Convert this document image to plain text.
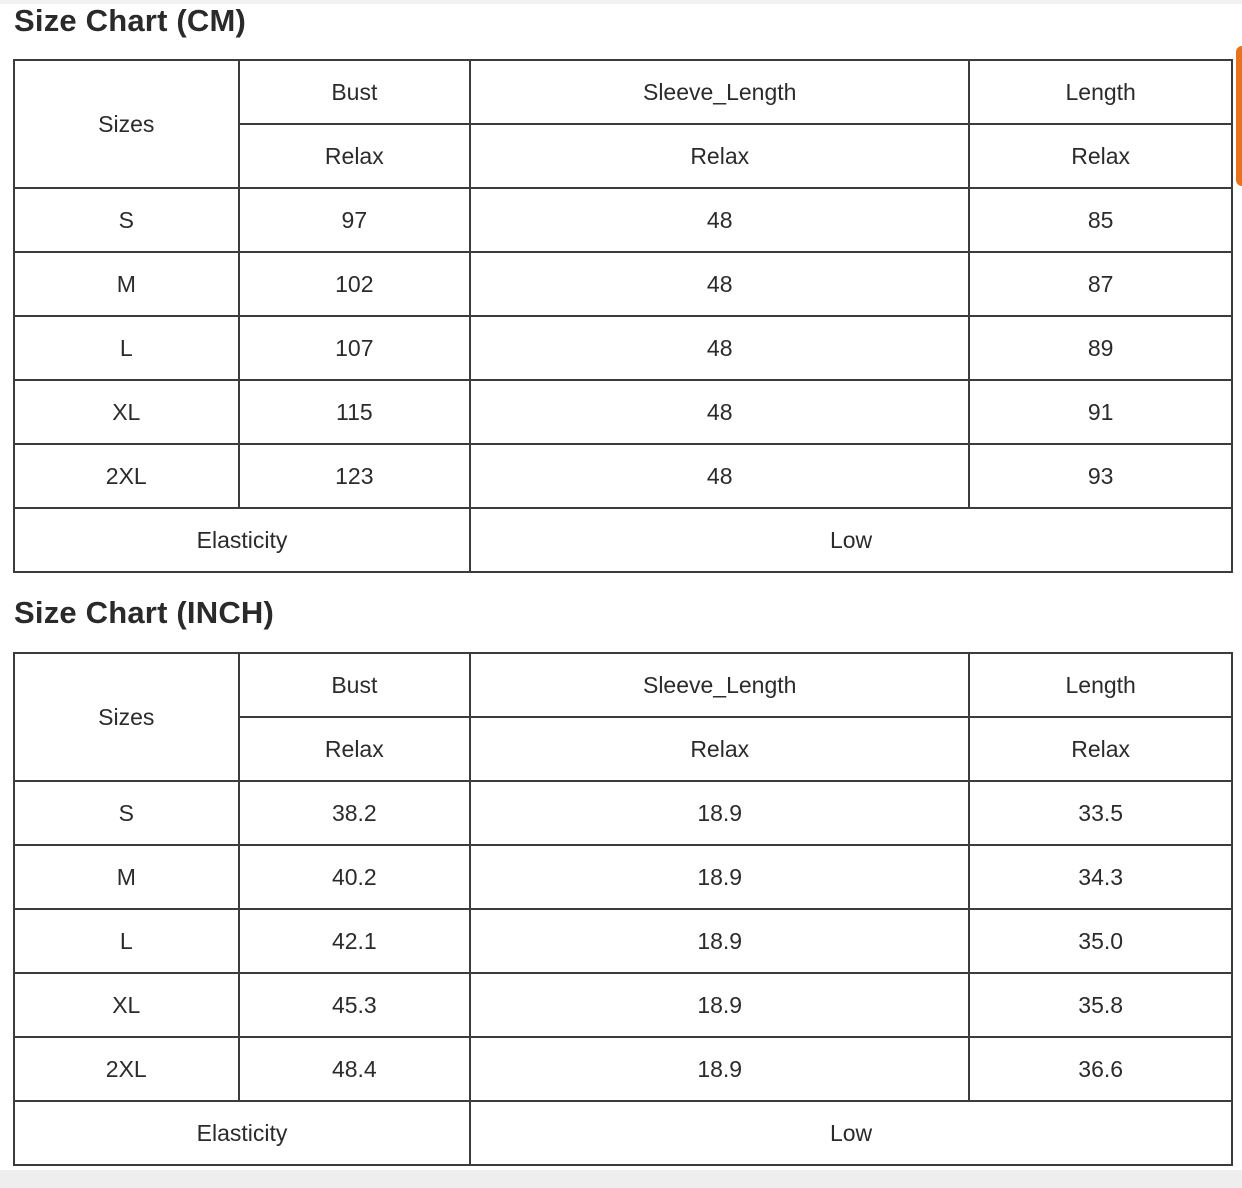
Size Chart (CM)
Sizes	Bust	Sleeve_Length	Length
	Relax	Relax	Relax
S	97	48	85
M	102	48	87
L	107	48	89
XL	115	48	91
2XL	123	48	93
Elasticity		Low	
Size Chart (INCH)
Sizes	Bust	Sleeve_Length	Length
	Relax	Relax	Relax
S	38.2	18.9	33.5
M	40.2	18.9	34.3
L	42.1	18.9	35.0
XL	45.3	18.9	35.8
2XL	48.4	18.9	36.6
Elasticity		Low	
